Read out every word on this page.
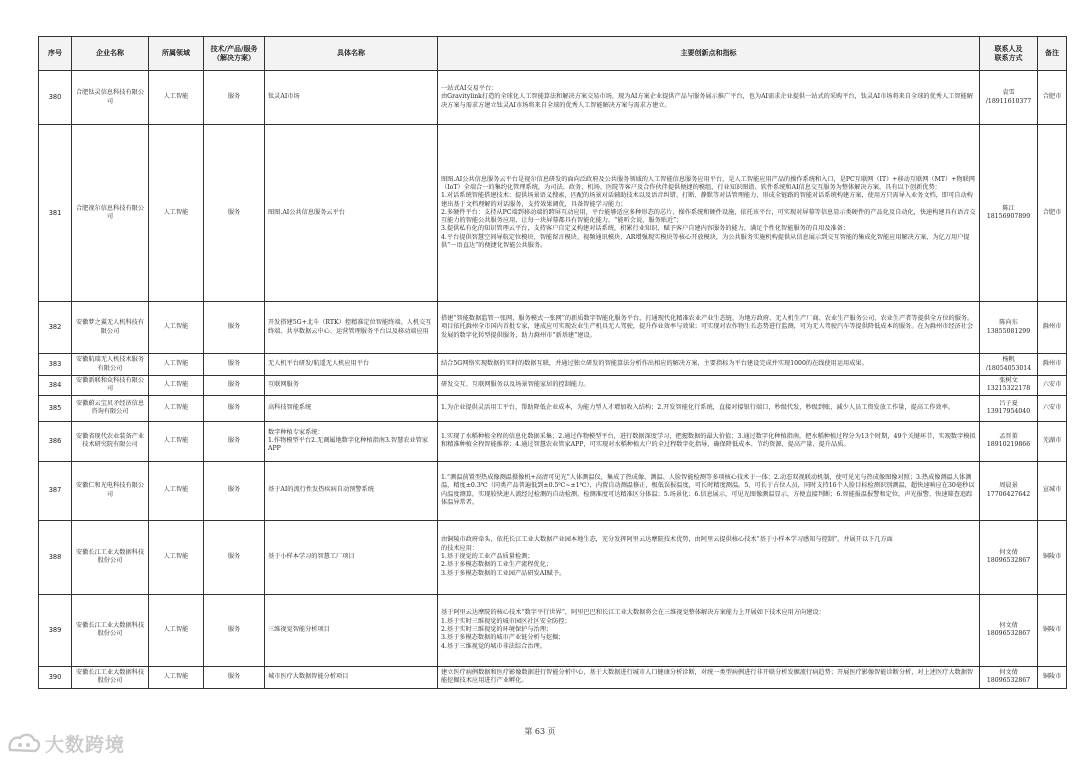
序号	企业名称	所属领域	技术/产品/服务
（解决方案）	具体名称	主要创新点和指标	联系人及
联系方式	备注
380	合肥钛灵信息科技有限公司	人工智能	服务	钛灵AI市场	一站式AI交易平台：
由Gravitylink打造的全球化人工智能算法和解决方案交易市场，现为AI方案企业提供产品与服务展示推广平台，也为AI需求企业提供一站式的采购平台，钛灵AI市场将来自全球的优秀人工智能解决方案与需求方建立钛灵AI市场将来自全球的优秀人工智能解决方案与需求方建立。	袁雪
/18911610377	合肥市
381	合肥视尔信息科技有限公司	人工智能	服务	图图.AI公共信息服务云平台	图图.AI公共信息服务云平台是视尔信息研发的面向泛政府及公共服务领域的人工智能信息服务应用平台，是人工智能应用产品的操作系统和入口，是PC互联网（IT）+移动互联网（MT）+物联网（IoT）全端合一的集约化管理系统，为司法、政务、机场、医院等客户及合作伙伴提供便捷的模组、行业知识图谱、软件系统和AI信息交互服务为整体解决方案，具有以下创新优势：
1.对话系统智能搭建技术：提供场景语义搜索，匹配的场景对话辅助技术以及语音纠错、打断、静默等对话管理能力，形成全链路的智能对话系统构建方案，使用方只需导入业务文档，即可自动构建出基于文档理解的对话服务，支持效果调优，具备智能学习能力；
2.多硬件平台：支持从PC端到移动端的跨屏互动应用，平台能够适应多种形态的芯片、操作系统和硬件设施，依托该平台，可实现对屏幕等信息显示类硬件的产品化及自动化，快速构建具有语音交互能力的智能公共服务应用，让每一块屏幕都具有智能化能力，“能听会说，服务贴近”；
3.提供私有化的知识管理云平台，支持客户自定义构建对话系统，积累行业知识，赋予客户自建内容服务的能力，满足个性化智能服务的自用及准备；
4.平台提供智慧空间导航定位模块、智能留言模块、视频通讯模块、AR增强现实模块等核心开放模块，为公共服务实施机构提供从信息展示到交互智能的集成化智能应用解决方案，为亿万用户提供“一语直达”的便捷化智能公共服务。	陈江
18156907899	合肥市
382	安徽梦之翼无人机科技有限公司	人工智能	服务	开发搭建5G+北斗（RTK）控精准定位智能终端、人机交互终端、共享数据云中心、运营管理服务平台以及移动端应用	搭建“智能数据监管一张网，服务模式一张网”的新质数字智能化服务平台，打通现代化精准农业产业生态链，为地方政府、无人机生产厂商、农业生产服务公司、农业生产者等提供全方位的服务。项目依托滁州全市国内首批专家，建成应可实现农业生产机具无人驾驶，提升作业效率与效果；可实现对农作物生长态势进行监测，可为无人驾驶汽车等提供降低成本的服务。在为滁州市经济社会发展的数字化转型提供服务，助力滁州市“新基建”建设。	陈向东
13855081299	滁州市
383	安徽航瑞无人机技术服务有限公司	人工智能	服务	无人机平台研发/航遥无人机应用平台	结合5G网络实现数据的实时的数据互联，并通过独立研发的智能算法分析作出相应的解决方案，主要指标为平台建设完成并实现1000的在线使用运用成果。	杨帆
/18054053014	滁州市
384	安徽新联和众科技有限公司	人工智能	服务	互联网服务	研发交互、互联网服务以及场景智能家居的控制能力。	张树文
13215322178	六安市
385	安徽蔚云宝贝矛经济信息咨询有限公司	人工智能	服务	高科技智能系统	1.为企业提供灵活用工平台，帮助降低企业成本，为能力型人才增加收入结构；2.开发智能化行系统，直接对接银行端口，秒级代发，秒级到账，减少人员工资发放工作量，提高工作效率。	吕子夏
13917954040	六安市
386	安徽省现代农业装备产业技术研究院有限公司	人工智能	服务	数字种植专家系统：
1.作物模型平台2.无调属地数字化种植指南3.智慧农业管家APP	1.实现了水稻种植全程的信息化数据采集；2.通过作物模型平台，进行数据深度学习，把握数据的最大价值；3.通过数字化种植指南，把水稻种植过程分为13个时期，49个关键环节，实现数字模拟和精准种植全程智能推荐；4.通过智慧农业管家APP，可实现对水稻种植大户的全过程数字化指导，确保降低成本、节约资源、提高产量、提升品质。	孟晋董
18910219866	芜湖市
387	安徽仁和光电科技有限公司	人工智能	服务	基于AI的流行性发热疾病自动预警系统	1.“测温前置型热成像测温摄像机+高清可见光”人体测温仪，集成了热成像、测温、人脸智能检测等多项核心技术于一体；2.动态双视联动机制，使可见光与热成像图像对照；3.热成像测温人体测温，精度±0.3℃（同类产品普遍低到±0.5℃~±1℃），内置自动测温修正，极低误报温度，可长时精度测温。5，可长于占位人员，同时支持16个人脸目标检测识别测温，超快速响应在30毫秒以内温度测算，实现较快速人流经过检测的自动检测，检测准度可达精准区分体温；5.场景化；6.信息展示，可见光图像测温显示，方便直接判断；6.智能报温报警和定位，声光报警，快速筛查追踪体温异常者。	周晨景
17706427642	宣城市
388	安徽长江工业大数据科技股份公司	人工智能	服务	基于小样本学习的智慧工厂项目	由铜陵市政府牵头，依托长江工业大数据产业园本地生态，充分发挥阿里云达摩院技术优势，由阿里云提供核心技术“基于小样本学习感知与控制”，并展开以下几方面
的技术应用：
1.基于视觉的工业产品质量检测；
2.基于多模态数据的工业生产流程优化；
3.基于多模态数据的工业园产品研发AI赋予。	何文倩
18096532867	铜陵市
389	安徽长江工业大数据科技股份公司	人工智能	服务	三维视觉智能分析项目	基于阿里云达摩院的核心技术“数字平行世界”，阿里巴巴和长江工业大数据将会在三维视觉整体解决方案能力上开展如下技术应用方向建设：
1.基于实时三维视觉的城市园区社区安全防控；
2.基于实时三维视觉的环境保护与治理；
3.基于多模态数据的城市产业链分析与挖掘；
4.基于三维视觉的城市非法综合治理。	何文倩
18096532867	铜陵市
390	安徽长江工业大数据科技股份公司	人工智能	服务	城市医疗大数据智能分析项目	建立医疗病例数据和医疗影像数据进行智能分析中心，基于大数据进行城市人口健康分析诊断，对统一类型病例进行非开联分析发掘流行病趋势；开展医疗影像智能诊断分析，对上述医疗大数据智能挖掘技术应用进行产业孵化。	何文倩
18096532867	铜陵市
第 63 页
大数跨境
